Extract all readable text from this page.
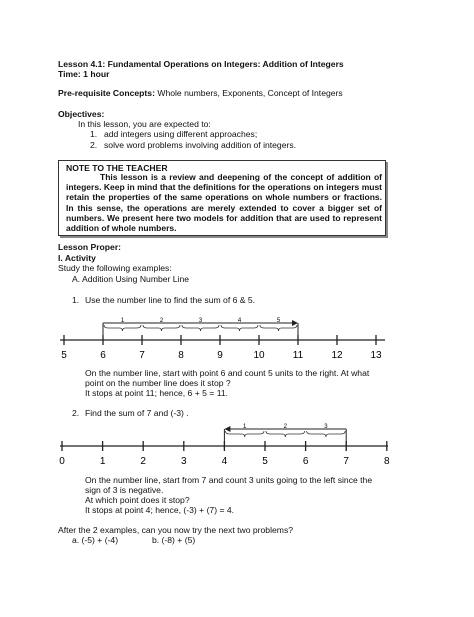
Lesson 4.1: Fundamental Operations on Integers: Addition of Integers
Time: 1 hour
Pre-requisite Concepts: Whole numbers, Exponents, Concept of Integers
Objectives:
In this lesson, you are expected to:
1. add integers using different approaches;
2. solve word problems involving addition of integers.
NOTE TO THE TEACHER
This lesson is a review and deepening of the concept of addition of integers. Keep in mind that the definitions for the operations on integers must retain the properties of the same operations on whole numbers or fractions. In this sense, the operations are merely extended to cover a bigger set of numbers. We present here two models for addition that are used to represent addition of whole numbers.
Lesson Proper:
I. Activity
Study the following examples:
A. Addition Using Number Line
1. Use the number line to find the sum of 6 & 5.
5	6	7	8	9	10	11	12	13
1	2	3	4	5
On the number line, start with point 6 and count 5 units to the right. At what
point on the number line does it stop ?
It stops at point 11; hence, 6 + 5 = 11.
2. Find the sum of 7 and (-3) .
0	1	2	3	4	5	6	7	8
3
2
1
On the number line, start from 7 and count 3 units going to the left since the
sign of 3 is negative.
At which point does it stop?
It stops at point 4; hence, (-3) + (7) = 4.
After the 2 examples, can you now try the next two problems?
a. (-5) + (-4)	b. (-8) + (5)
